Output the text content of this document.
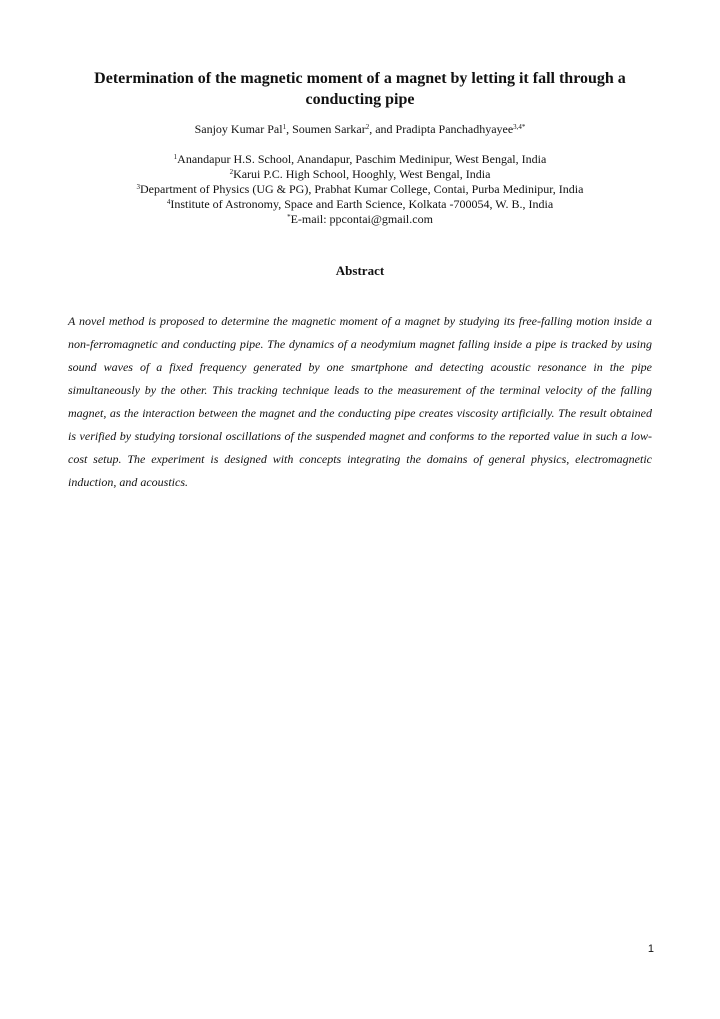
Determination of the magnetic moment of a magnet by letting it fall through a conducting pipe
Sanjoy Kumar Pal$^1$, Soumen Sarkar$^2$, and Pradipta Panchadhyayee$^{3,4*}$
$^1$Anandapur H.S. School, Anandapur, Paschim Medinipur, West Bengal, India
$^2$Karui P.C. High School, Hooghly, West Bengal, India
$^3$Department of Physics (UG & PG), Prabhat Kumar College, Contai, Purba Medinipur, India
$^4$Institute of Astronomy, Space and Earth Science, Kolkata -700054, W. B., India
*E-mail: ppcontai@gmail.com
Abstract
A novel method is proposed to determine the magnetic moment of a magnet by studying its free-falling motion inside a non-ferromagnetic and conducting pipe. The dynamics of a neodymium magnet falling inside a pipe is tracked by using sound waves of a fixed frequency generated by one smartphone and detecting acoustic resonance in the pipe simultaneously by the other. This tracking technique leads to the measurement of the terminal velocity of the falling magnet, as the interaction between the magnet and the conducting pipe creates viscosity artificially. The result obtained is verified by studying torsional oscillations of the suspended magnet and conforms to the reported value in such a low-cost setup. The experiment is designed with concepts integrating the domains of general physics, electromagnetic induction, and acoustics.
1
